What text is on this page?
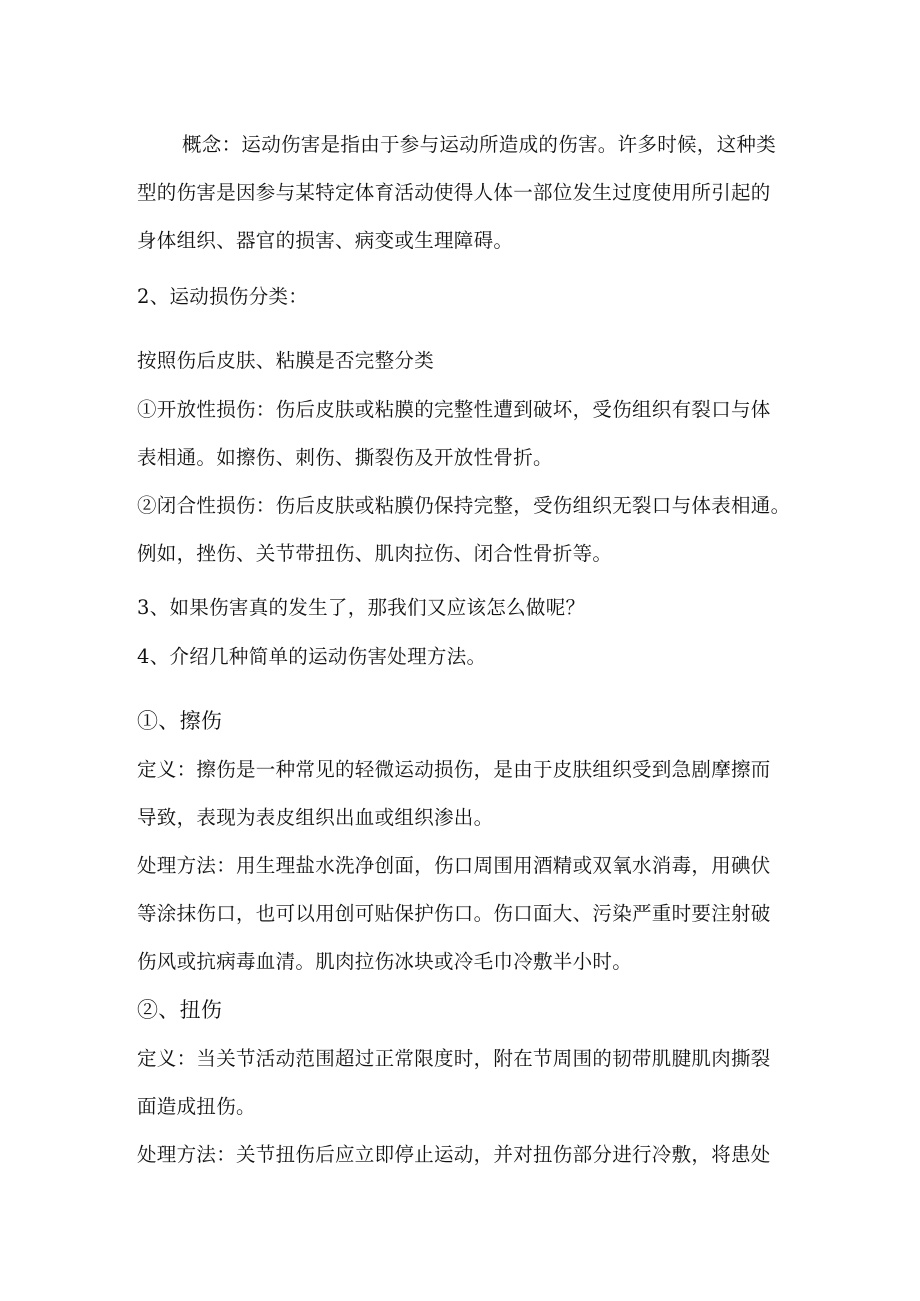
概念：运动伤害是指由于参与运动所造成的伤害。许多时候，这种类
型的伤害是因参与某特定体育活动使得人体一部位发生过度使用所引起的
身体组织、器官的损害、病变或生理障碍。
2、运动损伤分类：
按照伤后皮肤、粘膜是否完整分类
①开放性损伤：伤后皮肤或粘膜的完整性遭到破坏，受伤组织有裂口与体
表相通。如擦伤、刺伤、撕裂伤及开放性骨折。
②闭合性损伤：伤后皮肤或粘膜仍保持完整，受伤组织无裂口与体表相通。
例如，挫伤、关节带扭伤、肌肉拉伤、闭合性骨折等。
3、如果伤害真的发生了，那我们又应该怎么做呢？
4、介绍几种简单的运动伤害处理方法。
①、擦伤
定义：擦伤是一种常见的轻微运动损伤，是由于皮肤组织受到急剧摩擦而
导致，表现为表皮组织出血或组织渗出。
处理方法：用生理盐水洗净创面，伤口周围用酒精或双氧水消毒，用碘伏
等涂抹伤口，也可以用创可贴保护伤口。伤口面大、污染严重时要注射破
伤风或抗病毒血清。肌肉拉伤冰块或冷毛巾冷敷半小时。
②、扭伤
定义：当关节活动范围超过正常限度时，附在节周围的韧带肌腱肌肉撕裂
面造成扭伤。
处理方法：关节扭伤后应立即停止运动，并对扭伤部分进行冷敷，将患处
